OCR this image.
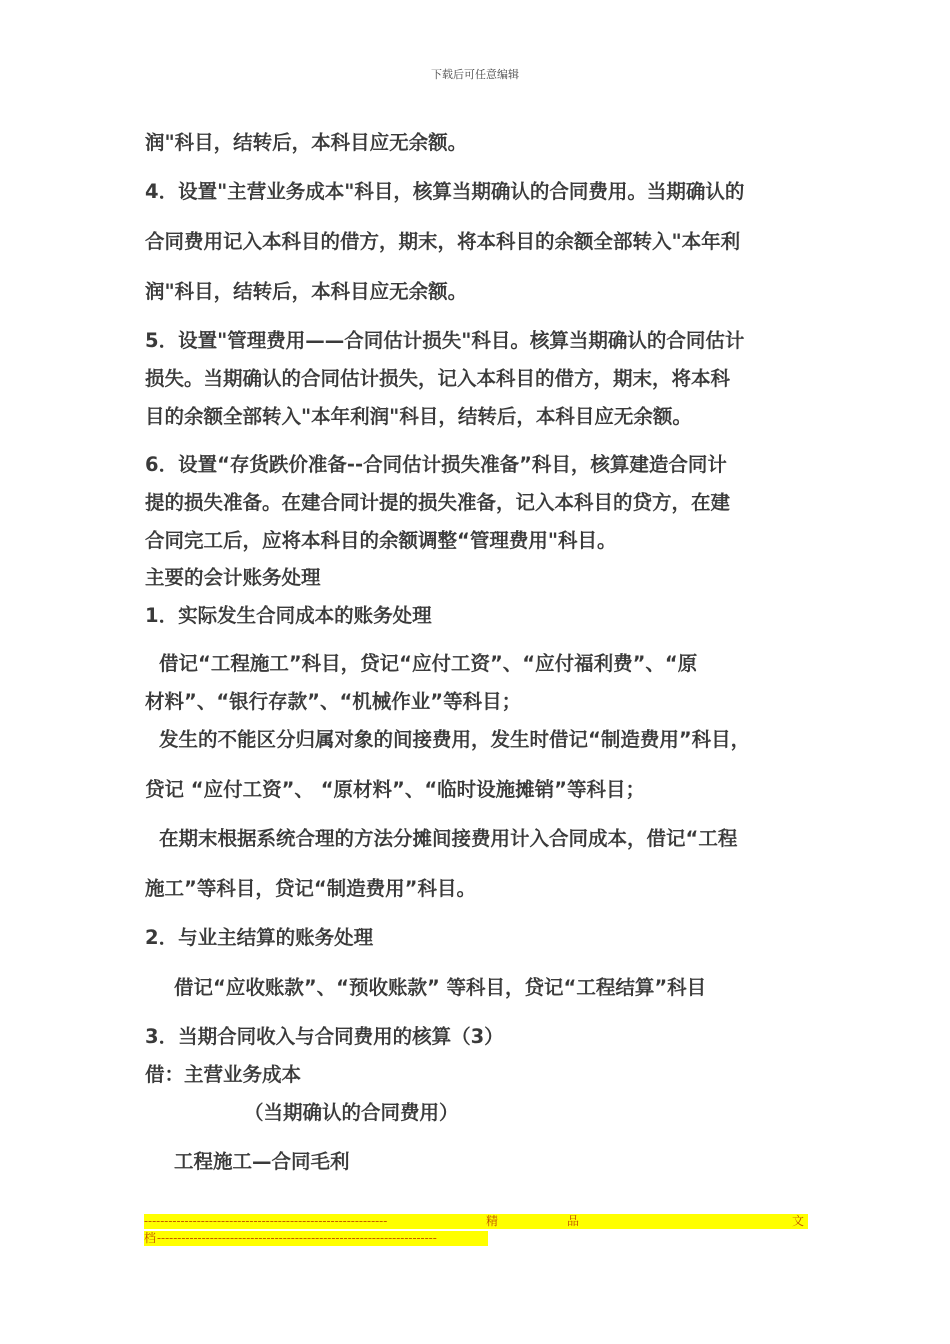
下载后可任意编辑
润"科目，结转后，本科目应无余额。
4．设置"主营业务成本"科目，核算当期确认的合同费用。当期确认的
合同费用记入本科目的借方，期末，将本科目的余额全部转入"本年利
润"科目，结转后，本科目应无余额。
5．设置"管理费用——合同估计损失"科目。核算当期确认的合同估计
损失。当期确认的合同估计损失，记入本科目的借方，期末，将本科
目的余额全部转入"本年利润"科目，结转后，本科目应无余额。
6．设置“存货跌价准备--合同估计损失准备”科目，核算建造合同计
提的损失准备。在建合同计提的损失准备，记入本科目的贷方，在建
合同完工后，应将本科目的余额调整“管理费用"科目。
主要的会计账务处理
1．实际发生合同成本的账务处理
借记“工程施工”科目，贷记“应付工资”、“应付福利费”、“原
材料”、“银行存款”、“机械作业”等科目；
发生的不能区分归属对象的间接费用，发生时借记“制造费用”科目，
贷记 “应付工资”、 “原材料”、“临时设施摊销”等科目；
在期末根据系统合理的方法分摊间接费用计入合同成本，借记“工程
施工”等科目，贷记“制造费用”科目。
2．与业主结算的账务处理
借记“应收账款”、“预收账款” 等科目，贷记“工程结算”科目
3．当期合同收入与合同费用的核算（3）
借：主营业务成本
（当期确认的合同费用）
工程施工—合同毛利
------------------------------------------------------------	精	品	文
档 ---------------------------------------------------------------------
